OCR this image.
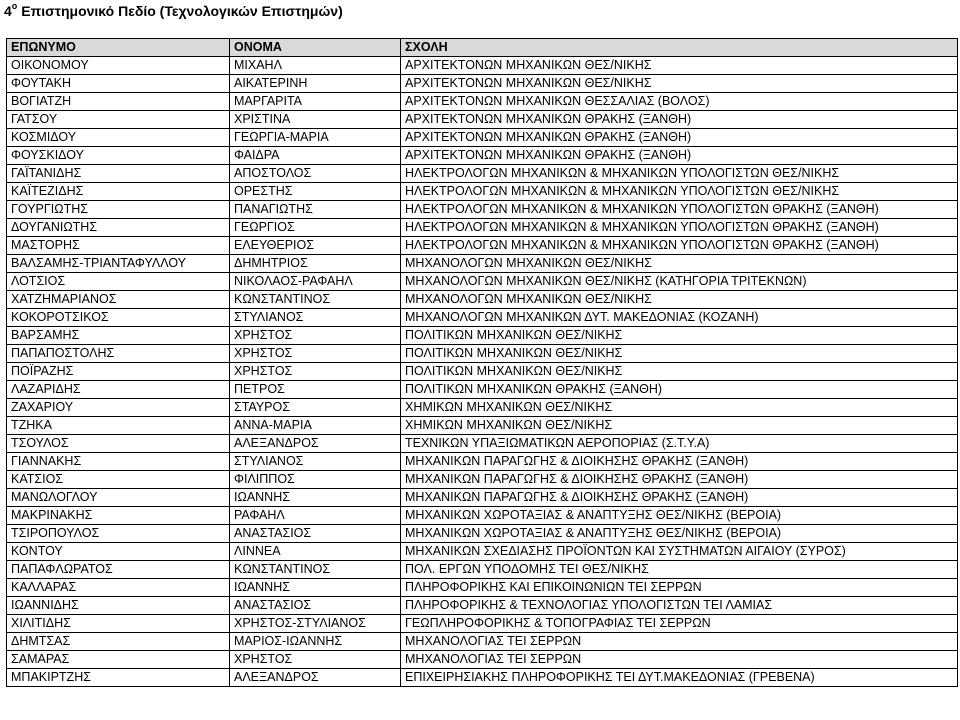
$4^o$ Επιστημονικό Πεδίο (Τεχνολογικών Επιστημών)
ΕΠΩΝΥΜΟ	ΟΝΟΜΑ	ΣΧΟΛΗ
ΟΙΚΟΝΟΜΟΥ	ΜΙΧΑΗΛ	ΑΡΧΙΤΕΚΤΟΝΩΝ ΜΗΧΑΝΙΚΩΝ ΘΕΣ/ΝΙΚΗΣ
ΦΟΥΤΑΚΗ	ΑΙΚΑΤΕΡΙΝΗ	ΑΡΧΙΤΕΚΤΟΝΩΝ ΜΗΧΑΝΙΚΩΝ ΘΕΣ/ΝΙΚΗΣ
ΒΟΓΙΑΤΖΗ	ΜΑΡΓΑΡΙΤΑ	ΑΡΧΙΤΕΚΤΟΝΩΝ ΜΗΧΑΝΙΚΩΝ ΘΕΣΣΑΛΙΑΣ (ΒΟΛΟΣ)
ΓΑΤΣΟΥ	ΧΡΙΣΤΙΝΑ	ΑΡΧΙΤΕΚΤΟΝΩΝ ΜΗΧΑΝΙΚΩΝ ΘΡΑΚΗΣ (ΞΑΝΘΗ)
ΚΟΣΜΙΔΟΥ	ΓΕΩΡΓΙΑ-ΜΑΡΙΑ	ΑΡΧΙΤΕΚΤΟΝΩΝ ΜΗΧΑΝΙΚΩΝ ΘΡΑΚΗΣ (ΞΑΝΘΗ)
ΦΟΥΣΚΙΔΟΥ	ΦΑΙΔΡΑ	ΑΡΧΙΤΕΚΤΟΝΩΝ ΜΗΧΑΝΙΚΩΝ ΘΡΑΚΗΣ (ΞΑΝΘΗ)
ΓΑΪΤΑΝΙΔΗΣ	ΑΠΟΣΤΟΛΟΣ	ΗΛΕΚΤΡΟΛΟΓΩΝ ΜΗΧΑΝΙΚΩΝ & ΜΗΧΑΝΙΚΩΝ ΥΠΟΛΟΓΙΣΤΩΝ ΘΕΣ/ΝΙΚΗΣ
ΚΑΪΤΕΖΙΔΗΣ	ΟΡΕΣΤΗΣ	ΗΛΕΚΤΡΟΛΟΓΩΝ ΜΗΧΑΝΙΚΩΝ & ΜΗΧΑΝΙΚΩΝ ΥΠΟΛΟΓΙΣΤΩΝ ΘΕΣ/ΝΙΚΗΣ
ΓΟΥΡΓΙΩΤΗΣ	ΠΑΝΑΓΙΩΤΗΣ	ΗΛΕΚΤΡΟΛΟΓΩΝ ΜΗΧΑΝΙΚΩΝ & ΜΗΧΑΝΙΚΩΝ ΥΠΟΛΟΓΙΣΤΩΝ ΘΡΑΚΗΣ (ΞΑΝΘΗ)
ΔΟΥΓΑΝΙΩΤΗΣ	ΓΕΩΡΓΙΟΣ	ΗΛΕΚΤΡΟΛΟΓΩΝ ΜΗΧΑΝΙΚΩΝ & ΜΗΧΑΝΙΚΩΝ ΥΠΟΛΟΓΙΣΤΩΝ ΘΡΑΚΗΣ (ΞΑΝΘΗ)
ΜΑΣΤΟΡΗΣ	ΕΛΕΥΘΕΡΙΟΣ	ΗΛΕΚΤΡΟΛΟΓΩΝ ΜΗΧΑΝΙΚΩΝ & ΜΗΧΑΝΙΚΩΝ ΥΠΟΛΟΓΙΣΤΩΝ ΘΡΑΚΗΣ (ΞΑΝΘΗ)
ΒΑΛΣΑΜΗΣ-ΤΡΙΑΝΤΑΦΥΛΛΟΥ	ΔΗΜΗΤΡΙΟΣ	ΜΗΧΑΝΟΛΟΓΩΝ ΜΗΧΑΝΙΚΩΝ ΘΕΣ/ΝΙΚΗΣ
ΛΟΤΣΙΟΣ	ΝΙΚΟΛΑΟΣ-ΡΑΦΑΗΛ	ΜΗΧΑΝΟΛΟΓΩΝ ΜΗΧΑΝΙΚΩΝ ΘΕΣ/ΝΙΚΗΣ (ΚΑΤΗΓΟΡΙΑ ΤΡΙΤΕΚΝΩΝ)
ΧΑΤΖΗΜΑΡΙΑΝΟΣ	ΚΩΝΣΤΑΝΤΙΝΟΣ	ΜΗΧΑΝΟΛΟΓΩΝ ΜΗΧΑΝΙΚΩΝ ΘΕΣ/ΝΙΚΗΣ
ΚΟΚΟΡΟΤΣΙΚΟΣ	ΣΤΥΛΙΑΝΟΣ	ΜΗΧΑΝΟΛΟΓΩΝ ΜΗΧΑΝΙΚΩΝ ΔΥΤ. ΜΑΚΕΔΟΝΙΑΣ (ΚΟΖΑΝΗ)
ΒΑΡΣΑΜΗΣ	ΧΡΗΣΤΟΣ	ΠΟΛΙΤΙΚΩΝ ΜΗΧΑΝΙΚΩΝ ΘΕΣ/ΝΙΚΗΣ
ΠΑΠΑΠΟΣΤΟΛΗΣ	ΧΡΗΣΤΟΣ	ΠΟΛΙΤΙΚΩΝ ΜΗΧΑΝΙΚΩΝ ΘΕΣ/ΝΙΚΗΣ
ΠΟΪΡΑΖΗΣ	ΧΡΗΣΤΟΣ	ΠΟΛΙΤΙΚΩΝ ΜΗΧΑΝΙΚΩΝ ΘΕΣ/ΝΙΚΗΣ
ΛΑΖΑΡΙΔΗΣ	ΠΕΤΡΟΣ	ΠΟΛΙΤΙΚΩΝ ΜΗΧΑΝΙΚΩΝ ΘΡΑΚΗΣ (ΞΑΝΘΗ)
ΖΑΧΑΡΙΟΥ	ΣΤΑΥΡΟΣ	ΧΗΜΙΚΩΝ ΜΗΧΑΝΙΚΩΝ ΘΕΣ/ΝΙΚΗΣ
ΤΖΗΚΑ	ΑΝΝΑ-ΜΑΡΙΑ	ΧΗΜΙΚΩΝ ΜΗΧΑΝΙΚΩΝ ΘΕΣ/ΝΙΚΗΣ
ΤΣΟΥΛΟΣ	ΑΛΕΞΑΝΔΡΟΣ	ΤΕΧΝΙΚΩΝ ΥΠΑΞΙΩΜΑΤΙΚΩΝ ΑΕΡΟΠΟΡΙΑΣ (Σ.Τ.Υ.Α)
ΓΙΑΝΝΑΚΗΣ	ΣΤΥΛΙΑΝΟΣ	ΜΗΧΑΝΙΚΩΝ ΠΑΡΑΓΩΓΗΣ & ΔΙΟΙΚΗΣΗΣ ΘΡΑΚΗΣ (ΞΑΝΘΗ)
ΚΑΤΣΙΟΣ	ΦΙΛΙΠΠΟΣ	ΜΗΧΑΝΙΚΩΝ ΠΑΡΑΓΩΓΗΣ & ΔΙΟΙΚΗΣΗΣ ΘΡΑΚΗΣ (ΞΑΝΘΗ)
ΜΑΝΩΛΟΓΛΟΥ	ΙΩΑΝΝΗΣ	ΜΗΧΑΝΙΚΩΝ ΠΑΡΑΓΩΓΗΣ & ΔΙΟΙΚΗΣΗΣ ΘΡΑΚΗΣ (ΞΑΝΘΗ)
ΜΑΚΡΙΝΑΚΗΣ	ΡΑΦΑΗΛ	ΜΗΧΑΝΙΚΩΝ ΧΩΡΟΤΑΞΙΑΣ & ΑΝΑΠΤΥΞΗΣ ΘΕΣ/ΝΙΚΗΣ (ΒΕΡΟΙΑ)
ΤΣΙΡΟΠΟΥΛΟΣ	ΑΝΑΣΤΑΣΙΟΣ	ΜΗΧΑΝΙΚΩΝ ΧΩΡΟΤΑΞΙΑΣ & ΑΝΑΠΤΥΞΗΣ ΘΕΣ/ΝΙΚΗΣ (ΒΕΡΟΙΑ)
ΚΟΝΤΟΥ	ΛΙΝΝΕΑ	ΜΗΧΑΝΙΚΩΝ ΣΧΕΔΙΑΣΗΣ ΠΡΟΪΟΝΤΩΝ ΚΑΙ ΣΥΣΤΗΜΑΤΩΝ ΑΙΓΑΙΟΥ (ΣΥΡΟΣ)
ΠΑΠΑΦΛΩΡΑΤΟΣ	ΚΩΝΣΤΑΝΤΙΝΟΣ	ΠΟΛ. ΕΡΓΩΝ ΥΠΟΔΟΜΗΣ ΤΕΙ ΘΕΣ/ΝΙΚΗΣ
ΚΑΛΛΑΡΑΣ	ΙΩΑΝΝΗΣ	ΠΛΗΡΟΦΟΡΙΚΗΣ ΚΑΙ ΕΠΙΚΟΙΝΩΝΙΩΝ ΤΕΙ ΣΕΡΡΩΝ
ΙΩΑΝΝΙΔΗΣ	ΑΝΑΣΤΑΣΙΟΣ	ΠΛΗΡΟΦΟΡΙΚΗΣ & ΤΕΧΝΟΛΟΓΙΑΣ ΥΠΟΛΟΓΙΣΤΩΝ ΤΕΙ ΛΑΜΙΑΣ
ΧΙΛΙΤΙΔΗΣ	ΧΡΗΣΤΟΣ-ΣΤΥΛΙΑΝΟΣ	ΓΕΩΠΛΗΡΟΦΟΡΙΚΗΣ & ΤΟΠΟΓΡΑΦΙΑΣ ΤΕΙ ΣΕΡΡΩΝ
ΔΗΜΤΣΑΣ	ΜΑΡΙΟΣ-ΙΩΑΝΝΗΣ	ΜΗΧΑΝΟΛΟΓΙΑΣ ΤΕΙ ΣΕΡΡΩΝ
ΣΑΜΑΡΑΣ	ΧΡΗΣΤΟΣ	ΜΗΧΑΝΟΛΟΓΙΑΣ ΤΕΙ ΣΕΡΡΩΝ
ΜΠΑΚΙΡΤΖΗΣ	ΑΛΕΞΑΝΔΡΟΣ	ΕΠΙΧΕΙΡΗΣΙΑΚΗΣ ΠΛΗΡΟΦΟΡΙΚΗΣ ΤΕΙ ΔΥΤ.ΜΑΚΕΔΟΝΙΑΣ (ΓΡΕΒΕΝΑ)
